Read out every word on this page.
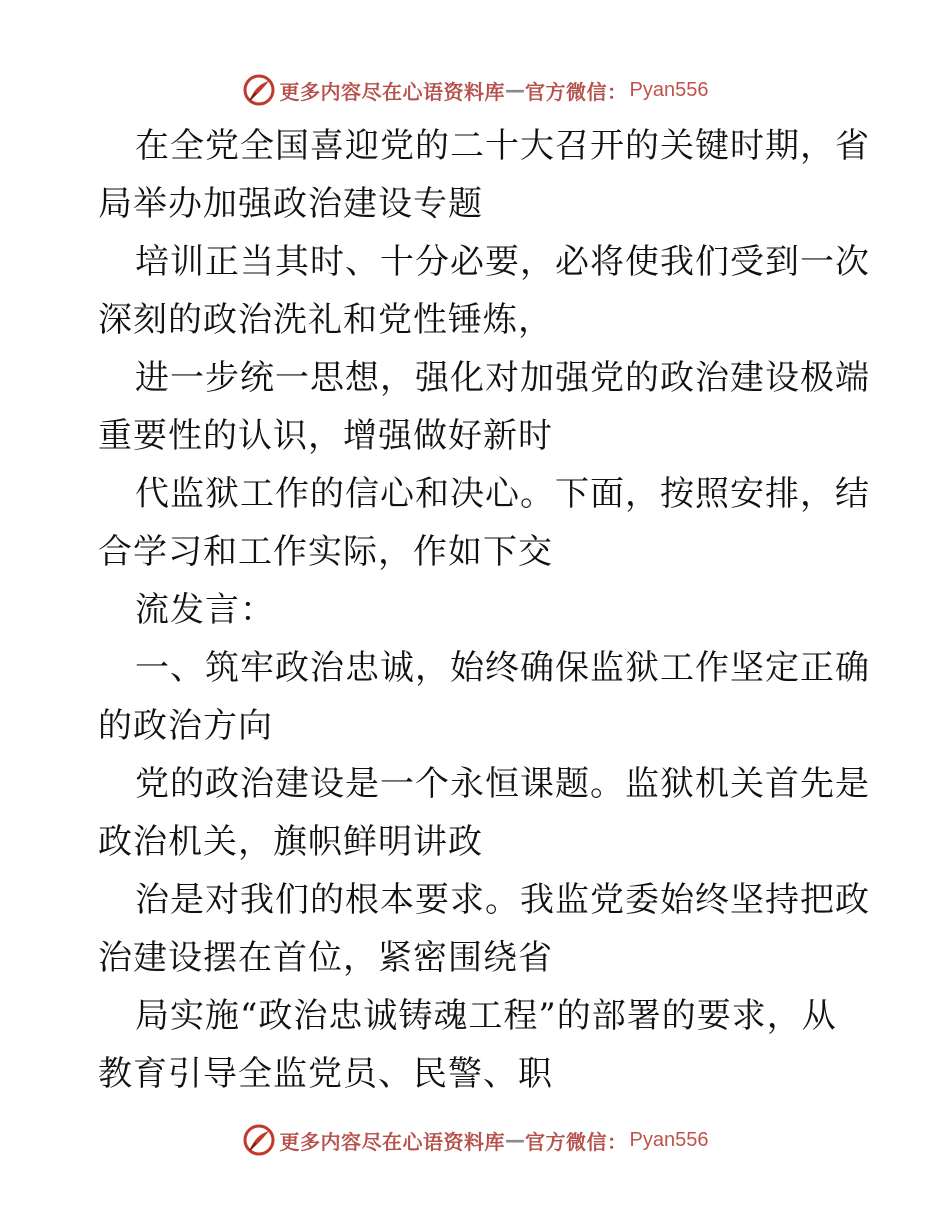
更多内容尽在心语资料库 — 官方微信： Pyan556
在全党全国喜迎党的二十大召开的关键时期，省
局举办加强政治建设专题
培训正当其时、十分必要，必将使我们受到一次
深刻的政治洗礼和党性锤炼，
进一步统一思想，强化对加强党的政治建设极端
重要性的认识，增强做好新时
代监狱工作的信心和决心。下面，按照安排，结
合学习和工作实际，作如下交
流发言：
一、筑牢政治忠诚，始终确保监狱工作坚定正确
的政治方向
党的政治建设是一个永恒课题。监狱机关首先是
政治机关，旗帜鲜明讲政
治是对我们的根本要求。我监党委始终坚持把政
治建设摆在首位，紧密围绕省
局实施“政治忠诚铸魂工程”的部署的要求，从
教育引导全监党员、民警、职
更多内容尽在心语资料库 — 官方微信： Pyan556
